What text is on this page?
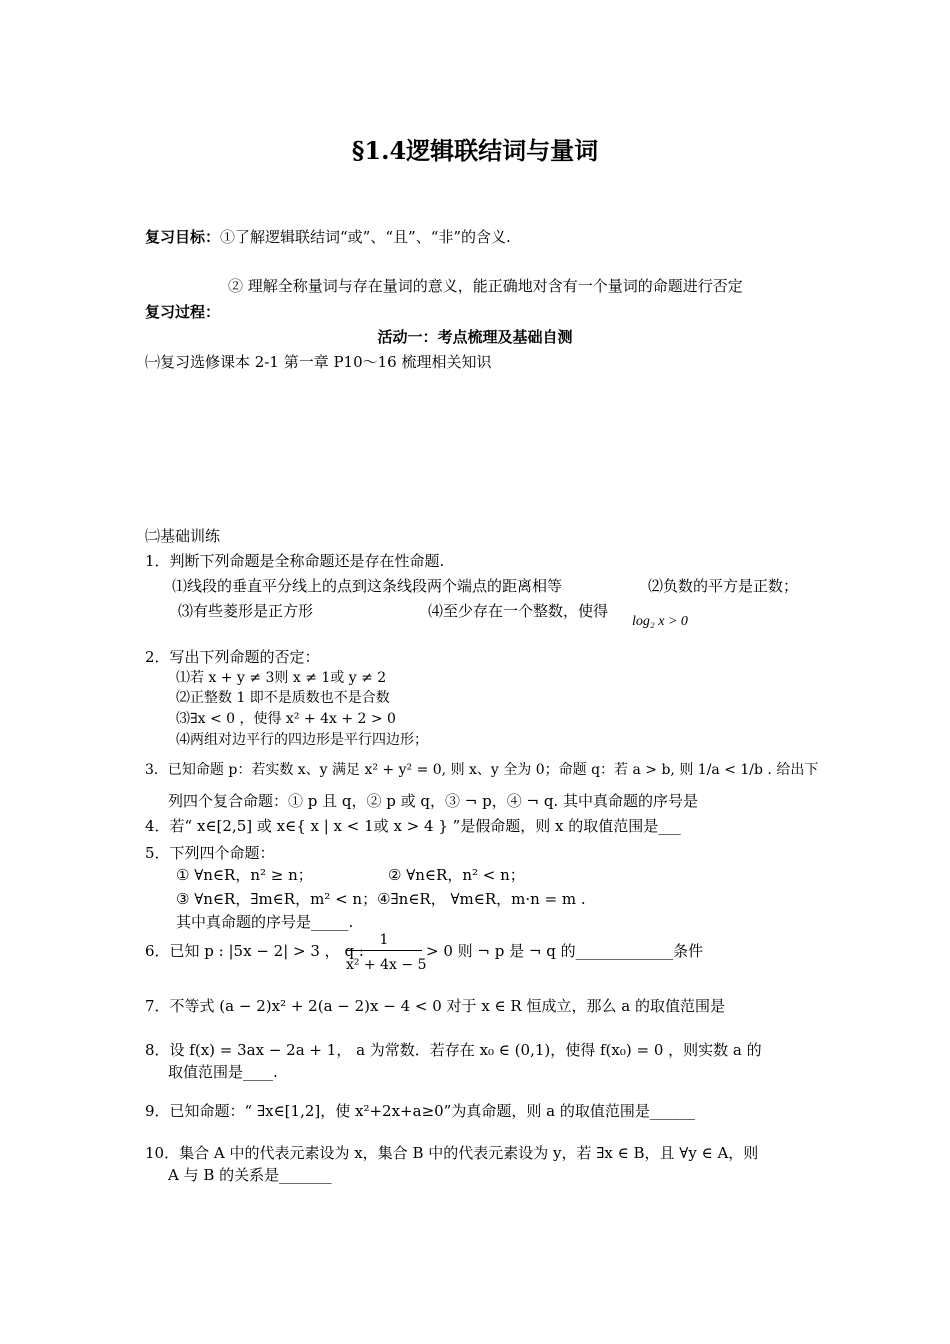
§1.4逻辑联结词与量词
复习目标：①了解逻辑联结词“或”、“且”、“非”的含义.
② 理解全称量词与存在量词的意义，能正确地对含有一个量词的命题进行否定
复习过程：
活动一：考点梳理及基础自测
㈠复习选修课本 2-1 第一章 P10～16 梳理相关知识
㈡基础训练
1．判断下列命题是全称命题还是存在性命题.
⑴线段的垂直平分线上的点到这条线段两个端点的距离相等	⑵负数的平方是正数；
⑶有些菱形是正方形	⑷至少存在一个整数，使得
log₂ x > 0
2．写出下列命题的否定：
⑴若 x + y ≠ 3则 x ≠ 1或 y ≠ 2
⑵正整数 1 即不是质数也不是合数
⑶∃x < 0 ，使得 x² + 4x + 2 > 0
⑷两组对边平行的四边形是平行四边形；
3．已知命题 p：若实数 x、y 满足 x² + y² = 0, 则 x、y 全为 0；命题 q：若 a > b, 则 1/a < 1/b . 给出下
列四个复合命题：① p 且 q，② p 或 q，③ ¬ p，④ ¬ q. 其中真命题的序号是
4．若“ x∈[2,5] 或 x∈{ x | x < 1或 x > 4 } ”是假命题，则 x 的取值范围是___
5．下列四个命题：
① ∀n∈R，n² ≥ n；	② ∀n∈R，n² < n；
③ ∀n∈R，∃m∈R，m² < n；④∃n∈R， ∀m∈R，m·n = m .
其中真命题的序号是_____.
6．已知 p : |5x − 2| > 3 ， q :
1
x² + 4x − 5
> 0 则 ¬ p 是 ¬ q 的_____________条件
7．不等式 (a − 2)x² + 2(a − 2)x − 4 < 0 对于 x ∈ R 恒成立，那么 a 的取值范围是
8．设 f(x) = 3ax − 2a + 1， a 为常数．若存在 x₀ ∈ (0,1)，使得 f(x₀) = 0 ，则实数 a 的
取值范围是____.
9．已知命题：“ ∃x∈[1,2]，使 x²+2x+a≥0”为真命题，则 a 的取值范围是______
10．集合 A 中的代表元素设为 x，集合 B 中的代表元素设为 y，若 ∃x ∈ B，且 ∀y ∈ A，则
A 与 B 的关系是_______
